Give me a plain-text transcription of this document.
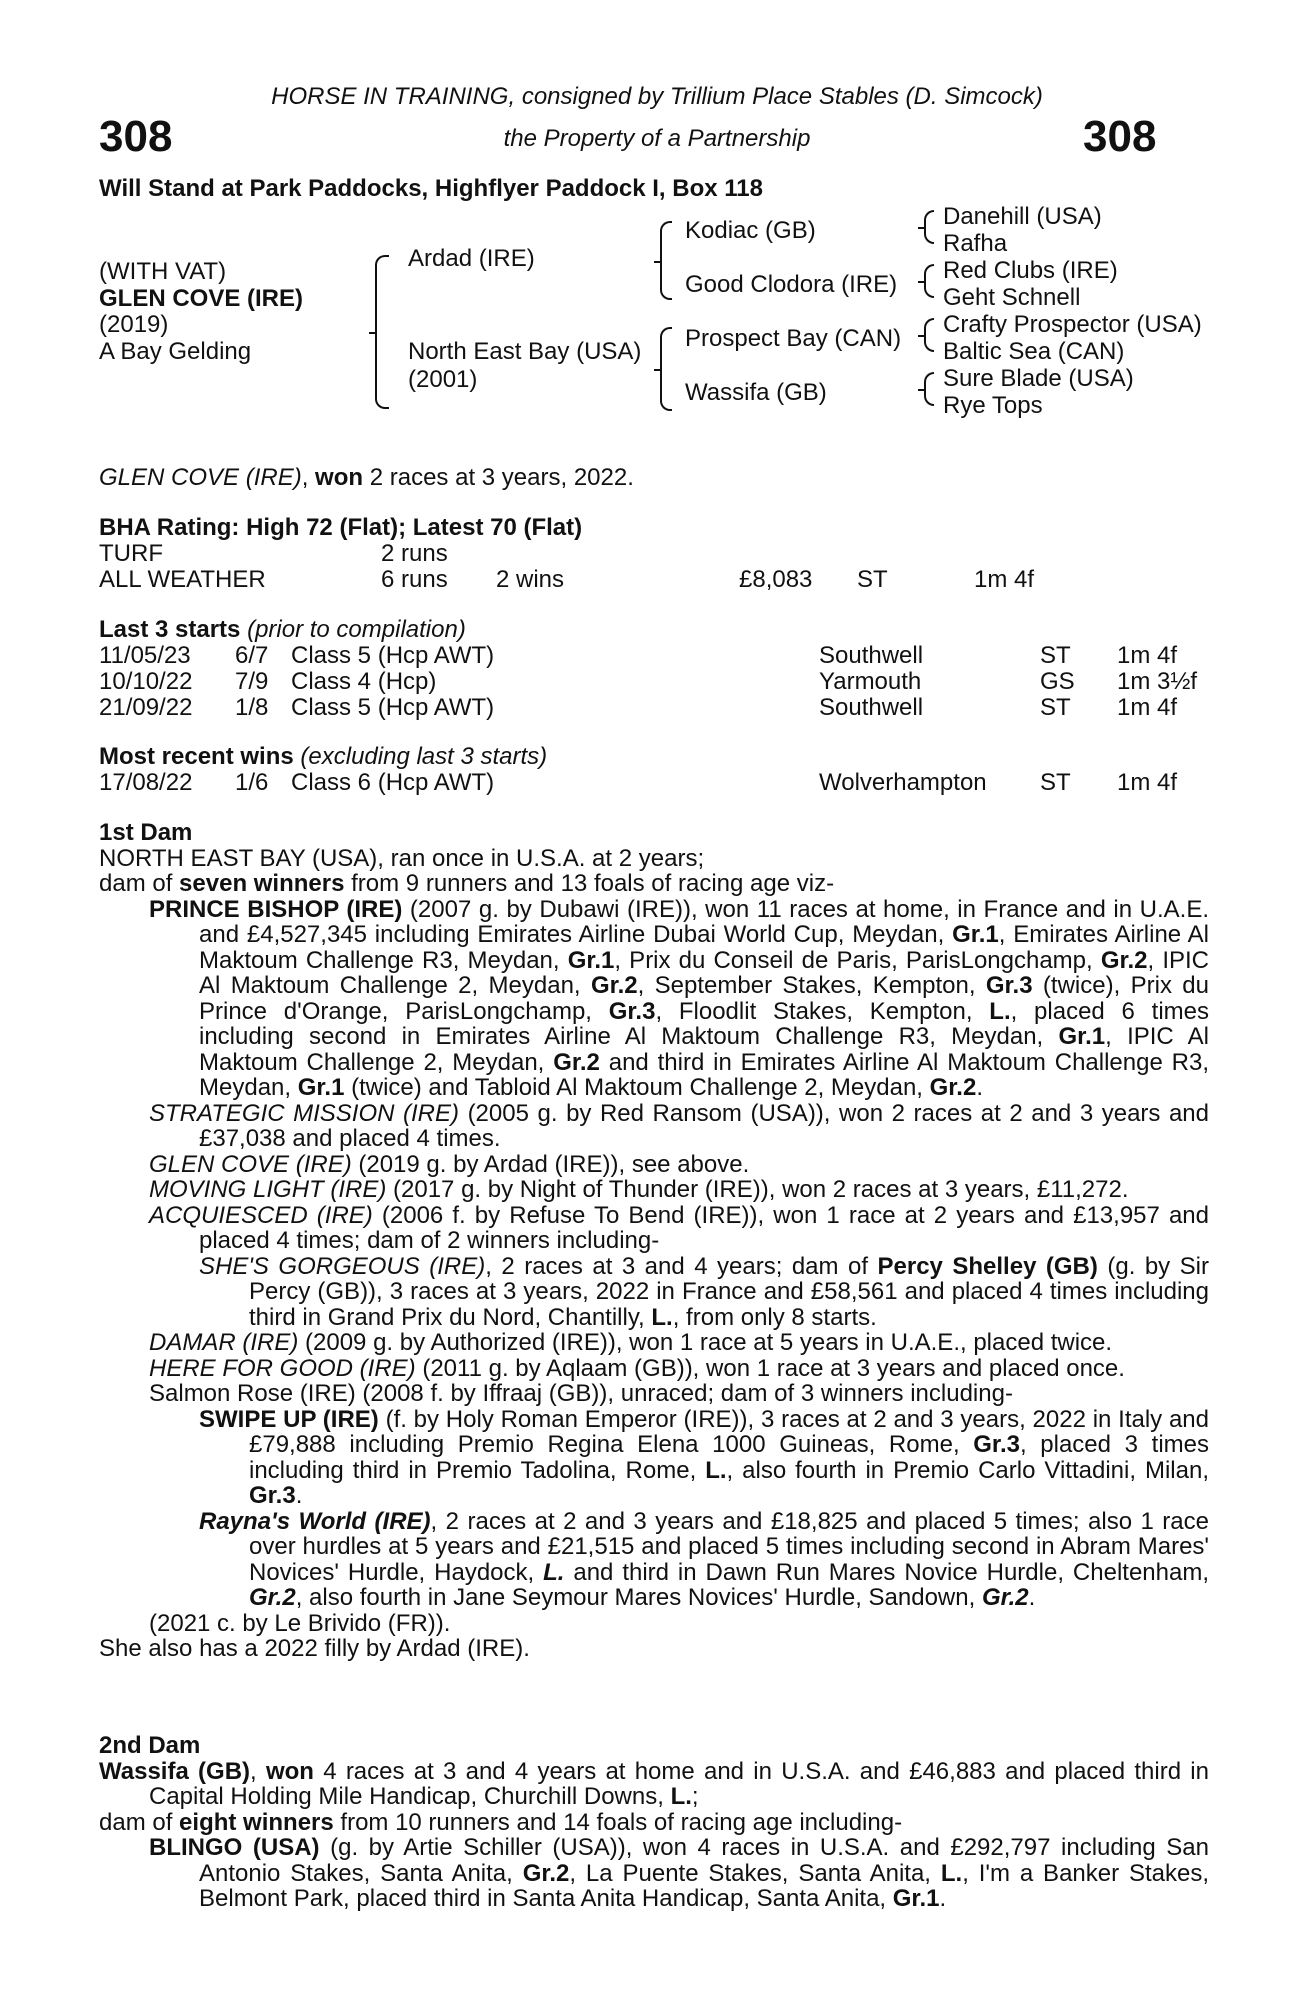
308	308
HORSE IN TRAINING, consigned by Trillium Place Stables (D. Simcock)
the Property of a Partnership
Will Stand at Park Paddocks, Highflyer Paddock I, Box 118
(WITH VAT)
GLEN COVE (IRE)
(2019)
A Bay Gelding
Ardad (IRE)
North East Bay (USA)
(2001)
Kodiac (GB)
Good Clodora (IRE)
Prospect Bay (CAN)
Wassifa (GB)
Danehill (USA)
Rafha
Red Clubs (IRE)
Geht Schnell
Crafty Prospector (USA)
Baltic Sea (CAN)
Sure Blade (USA)
Rye Tops
GLEN COVE (IRE), won 2 races at 3 years, 2022.
BHA Rating: High 72 (Flat); Latest 70 (Flat)
TURF	2 runs
ALL WEATHER	6 runs 2 wins	£8,083 ST	1m 4f
Last 3 starts (prior to compilation)
11/05/23 6/7 Class 5 (Hcp AWT)	Southwell	ST 1m 4f
10/10/22 7/9 Class 4 (Hcp)	Yarmouth	GS 1m 3½f
21/09/22 1/8 Class 5 (Hcp AWT)	Southwell	ST 1m 4f
Most recent wins (excluding last 3 starts)
17/08/22 1/6 Class 6 (Hcp AWT)	Wolverhampton ST 1m 4f

1st Dam

NORTH EAST BAY (USA), ran once in U.S.A. at 2 years;

dam of seven winners from 9 runners and 13 foals of racing age viz-

PRINCE BISHOP (IRE) (2007 g. by Dubawi (IRE)), won 11 races at home, in France and in U.A.E. and £4,527,345 including Emirates Airline Dubai World Cup, Meydan, Gr.1, Emirates Airline Al Maktoum Challenge R3, Meydan, Gr.1, Prix du Conseil de Paris, ParisLongchamp, Gr.2, IPIC Al Maktoum Challenge 2, Meydan, Gr.2, September Stakes, Kempton, Gr.3 (twice), Prix du Prince d'Orange, ParisLongchamp, Gr.3, Floodlit Stakes, Kempton, L., placed 6 times including second in Emirates Airline Al Maktoum Challenge R3, Meydan, Gr.1, IPIC Al Maktoum Challenge 2, Meydan, Gr.2 and third in Emirates Airline Al Maktoum Challenge R3, Meydan, Gr.1 (twice) and Tabloid Al Maktoum Challenge 2, Meydan, Gr.2.

STRATEGIC MISSION (IRE) (2005 g. by Red Ransom (USA)), won 2 races at 2 and 3 years and £37,038 and placed 4 times.

GLEN COVE (IRE) (2019 g. by Ardad (IRE)), see above.

MOVING LIGHT (IRE) (2017 g. by Night of Thunder (IRE)), won 2 races at 3 years, £11,272.

ACQUIESCED (IRE) (2006 f. by Refuse To Bend (IRE)), won 1 race at 2 years and £13,957 and placed 4 times; dam of 2 winners including-

SHE'S GORGEOUS (IRE), 2 races at 3 and 4 years; dam of Percy Shelley (GB) (g. by Sir Percy (GB)), 3 races at 3 years, 2022 in France and £58,561 and placed 4 times including third in Grand Prix du Nord, Chantilly, L., from only 8 starts.

DAMAR (IRE) (2009 g. by Authorized (IRE)), won 1 race at 5 years in U.A.E., placed twice.

HERE FOR GOOD (IRE) (2011 g. by Aqlaam (GB)), won 1 race at 3 years and placed once.

Salmon Rose (IRE) (2008 f. by Iffraaj (GB)), unraced; dam of 3 winners including-

SWIPE UP (IRE) (f. by Holy Roman Emperor (IRE)), 3 races at 2 and 3 years, 2022 in Italy and £79,888 including Premio Regina Elena 1000 Guineas, Rome, Gr.3, placed 3 times including third in Premio Tadolina, Rome, L., also fourth in Premio Carlo Vittadini, Milan, Gr.3.

Rayna's World (IRE), 2 races at 2 and 3 years and £18,825 and placed 5 times; also 1 race over hurdles at 5 years and £21,515 and placed 5 times including second in Abram Mares' Novices' Hurdle, Haydock, L. and third in Dawn Run Mares Novice Hurdle, Cheltenham, Gr.2, also fourth in Jane Seymour Mares Novices' Hurdle, Sandown, Gr.2.

(2021 c. by Le Brivido (FR)).

She also has a 2022 filly by Ardad (IRE).

2nd Dam

Wassifa (GB), won 4 races at 3 and 4 years at home and in U.S.A. and £46,883 and placed third in Capital Holding Mile Handicap, Churchill Downs, L.;

dam of eight winners from 10 runners and 14 foals of racing age including-

BLINGO (USA) (g. by Artie Schiller (USA)), won 4 races in U.S.A. and £292,797 including San Antonio Stakes, Santa Anita, Gr.2, La Puente Stakes, Santa Anita, L., I'm a Banker Stakes, Belmont Park, placed third in Santa Anita Handicap, Santa Anita, Gr.1.
